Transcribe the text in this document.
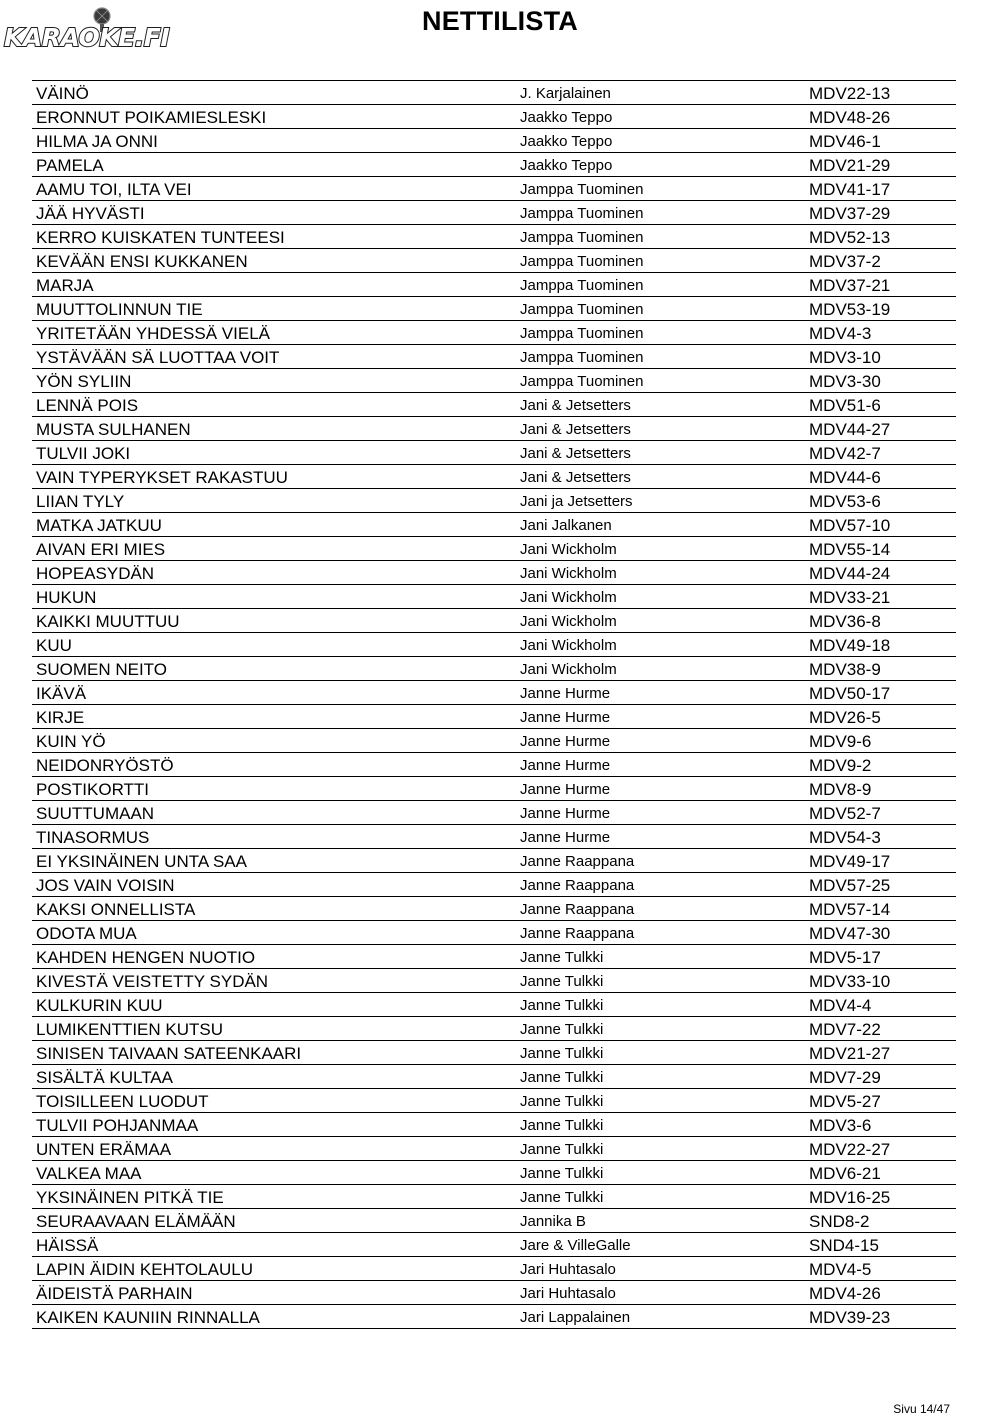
KARAOKE.FI
NETTILISTA
VÄINÖ	J. Karjalainen	MDV22-13
ERONNUT POIKAMIESLESKI	Jaakko Teppo	MDV48-26
HILMA JA ONNI	Jaakko Teppo	MDV46-1
PAMELA	Jaakko Teppo	MDV21-29
AAMU TOI, ILTA VEI	Jamppa Tuominen	MDV41-17
JÄÄ HYVÄSTI	Jamppa Tuominen	MDV37-29
KERRO KUISKATEN TUNTEESI	Jamppa Tuominen	MDV52-13
KEVÄÄN ENSI KUKKANEN	Jamppa Tuominen	MDV37-2
MARJA	Jamppa Tuominen	MDV37-21
MUUTTOLINNUN TIE	Jamppa Tuominen	MDV53-19
YRITETÄÄN YHDESSÄ VIELÄ	Jamppa Tuominen	MDV4-3
YSTÄVÄÄN SÄ LUOTTAA VOIT	Jamppa Tuominen	MDV3-10
YÖN SYLIIN	Jamppa Tuominen	MDV3-30
LENNÄ POIS	Jani & Jetsetters	MDV51-6
MUSTA SULHANEN	Jani & Jetsetters	MDV44-27
TULVII JOKI	Jani & Jetsetters	MDV42-7
VAIN TYPERYKSET RAKASTUU	Jani & Jetsetters	MDV44-6
LIIAN TYLY	Jani ja Jetsetters	MDV53-6
MATKA JATKUU	Jani Jalkanen	MDV57-10
AIVAN ERI MIES	Jani Wickholm	MDV55-14
HOPEASYDÄN	Jani Wickholm	MDV44-24
HUKUN	Jani Wickholm	MDV33-21
KAIKKI MUUTTUU	Jani Wickholm	MDV36-8
KUU	Jani Wickholm	MDV49-18
SUOMEN NEITO	Jani Wickholm	MDV38-9
IKÄVÄ	Janne Hurme	MDV50-17
KIRJE	Janne Hurme	MDV26-5
KUIN YÖ	Janne Hurme	MDV9-6
NEIDONRYÖSTÖ	Janne Hurme	MDV9-2
POSTIKORTTI	Janne Hurme	MDV8-9
SUUTTUMAAN	Janne Hurme	MDV52-7
TINASORMUS	Janne Hurme	MDV54-3
EI YKSINÄINEN UNTA SAA	Janne Raappana	MDV49-17
JOS VAIN VOISIN	Janne Raappana	MDV57-25
KAKSI ONNELLISTA	Janne Raappana	MDV57-14
ODOTA MUA	Janne Raappana	MDV47-30
KAHDEN HENGEN NUOTIO	Janne Tulkki	MDV5-17
KIVESTÄ VEISTETTY SYDÄN	Janne Tulkki	MDV33-10
KULKURIN KUU	Janne Tulkki	MDV4-4
LUMIKENTTIEN KUTSU	Janne Tulkki	MDV7-22
SINISEN TAIVAAN SATEENKAARI	Janne Tulkki	MDV21-27
SISÄLTÄ KULTAA	Janne Tulkki	MDV7-29
TOISILLEEN LUODUT	Janne Tulkki	MDV5-27
TULVII POHJANMAA	Janne Tulkki	MDV3-6
UNTEN ERÄMAA	Janne Tulkki	MDV22-27
VALKEA MAA	Janne Tulkki	MDV6-21
YKSINÄINEN PITKÄ TIE	Janne Tulkki	MDV16-25
SEURAAVAAN ELÄMÄÄN	Jannika B	SND8-2
HÄISSÄ	Jare & VilleGalle	SND4-15
LAPIN ÄIDIN KEHTOLAULU	Jari Huhtasalo	MDV4-5
ÄIDEISTÄ PARHAIN	Jari Huhtasalo	MDV4-26
KAIKEN KAUNIIN RINNALLA	Jari Lappalainen	MDV39-23
Sivu 14/47
